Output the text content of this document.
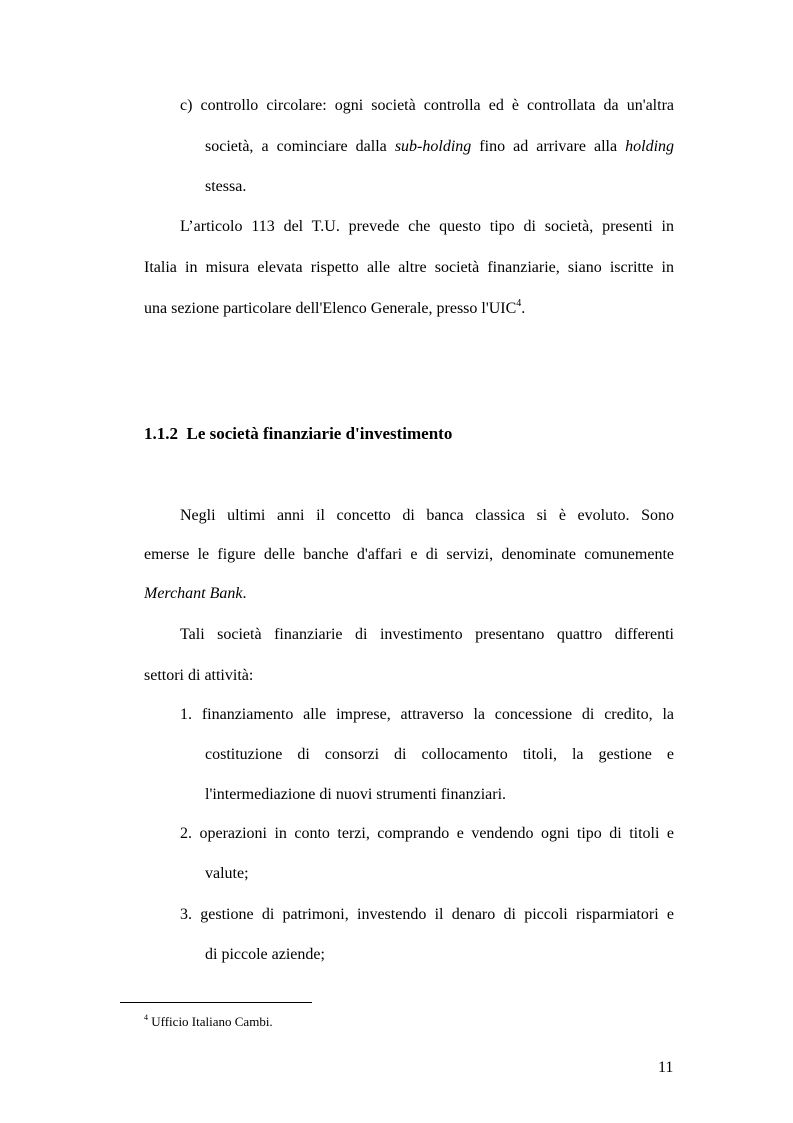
c) controllo circolare: ogni società controlla ed è controllata da un'altra
società, a cominciare dalla sub-holding fino ad arrivare alla holding
stessa.
L’articolo 113 del T.U. prevede che questo tipo di società, presenti in
Italia in misura elevata rispetto alle altre società finanziarie, siano iscritte in
una sezione particolare dell'Elenco Generale, presso l'UIC$^4$.
1.1.2 Le società finanziarie d'investimento
Negli ultimi anni il concetto di banca classica si è evoluto. Sono
emerse le figure delle banche d'affari e di servizi, denominate comunemente
Merchant Bank.
Tali società finanziarie di investimento presentano quattro differenti
settori di attività:
1. finanziamento alle imprese, attraverso la concessione di credito, la
costituzione di consorzi di collocamento titoli, la gestione e
l'intermediazione di nuovi strumenti finanziari.
2. operazioni in conto terzi, comprando e vendendo ogni tipo di titoli e
valute;
3. gestione di patrimoni, investendo il denaro di piccoli risparmiatori e
di piccole aziende;
$^4$ Ufficio Italiano Cambi.
11
